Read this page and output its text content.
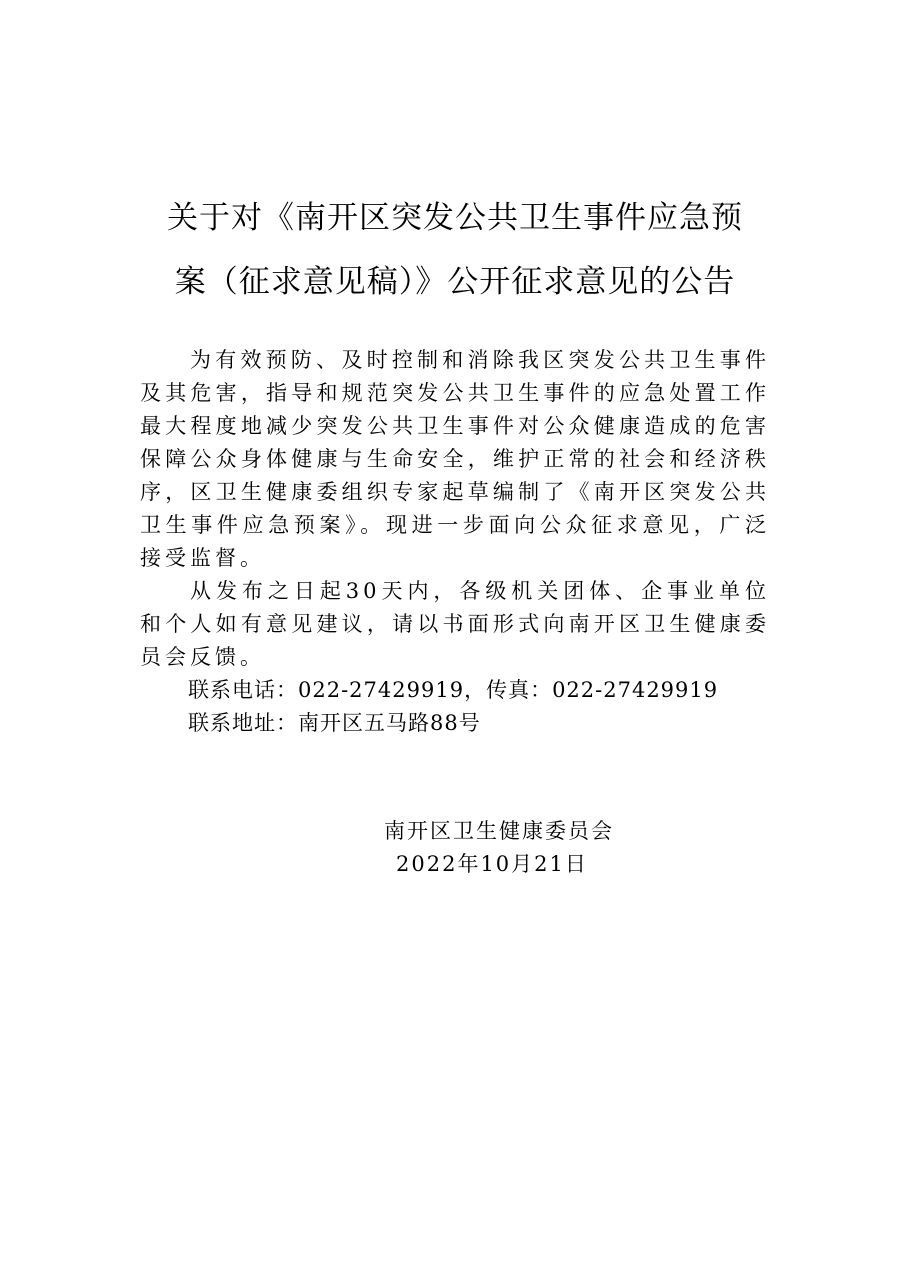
关于对《南开区突发公共卫生事件应急预
案（征求意见稿）》公开征求意见的公告

为有效预防、及时控制和消除我区突发公共卫生事件及其危害，指导和规范突发公共卫生事件的应急处置工作最大程度地减少突发公共卫生事件对公众健康造成的危害保障公众身体健康与生命安全，维护正常的社会和经济秩序，区卫生健康委组织专家起草编制了《南开区突发公共卫生事件应急预案》。现进一步面向公众征求意见，广泛接受监督。

从发布之日起30天内，各级机关团体、企事业单位和个人如有意见建议，请以书面形式向南开区卫生健康委员会反馈。

联系电话：022-27429919，传真：022-27429919

联系地址：南开区五马路88号

南开区卫生健康委员会
2022年10月21日
